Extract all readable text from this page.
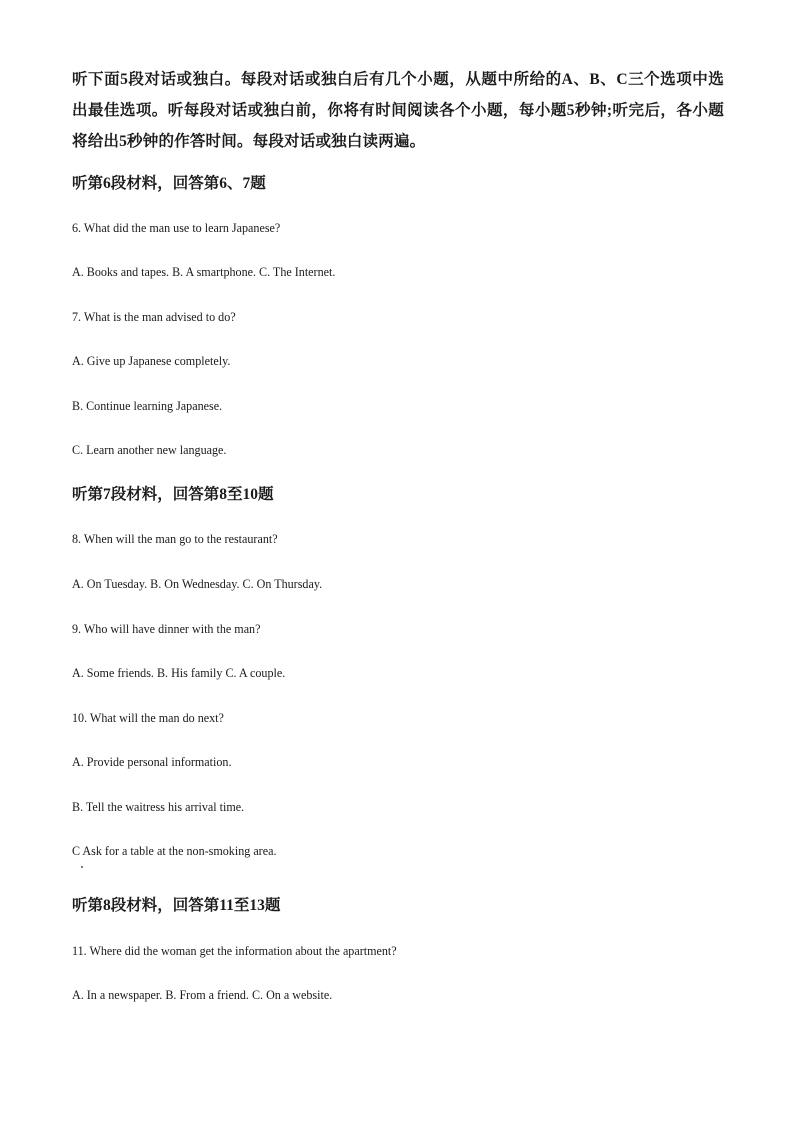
听下面5段对话或独白。每段对话或独白后有几个小题，从题中所给的A、B、C三个选项中选出最佳选项。听每段对话或独白前，你将有时间阅读各个小题，每小题5秒钟;听完后，各小题将给出5秒钟的作答时间。每段对话或独白读两遍。
听第6段材料，回答第6、7题
6. What did the man use to learn Japanese?
A. Books and tapes. B. A smartphone. C. The Internet.
7. What is the man advised to do?
A. Give up Japanese completely.
B. Continue learning Japanese.
C. Learn another new language.
听第7段材料，回答第8至10题
8. When will the man go to the restaurant?
A. On Tuesday. B. On Wednesday. C. On Thursday.
9. Who will have dinner with the man?
A. Some friends. B. His family C. A couple.
10. What will the man do next?
A. Provide personal information.
B. Tell the waitress his arrival time.
C Ask for a table at the non-smoking area.
听第8段材料，回答第11至13题
11. Where did the woman get the information about the apartment?
A. In a newspaper. B. From a friend. C. On a website.
